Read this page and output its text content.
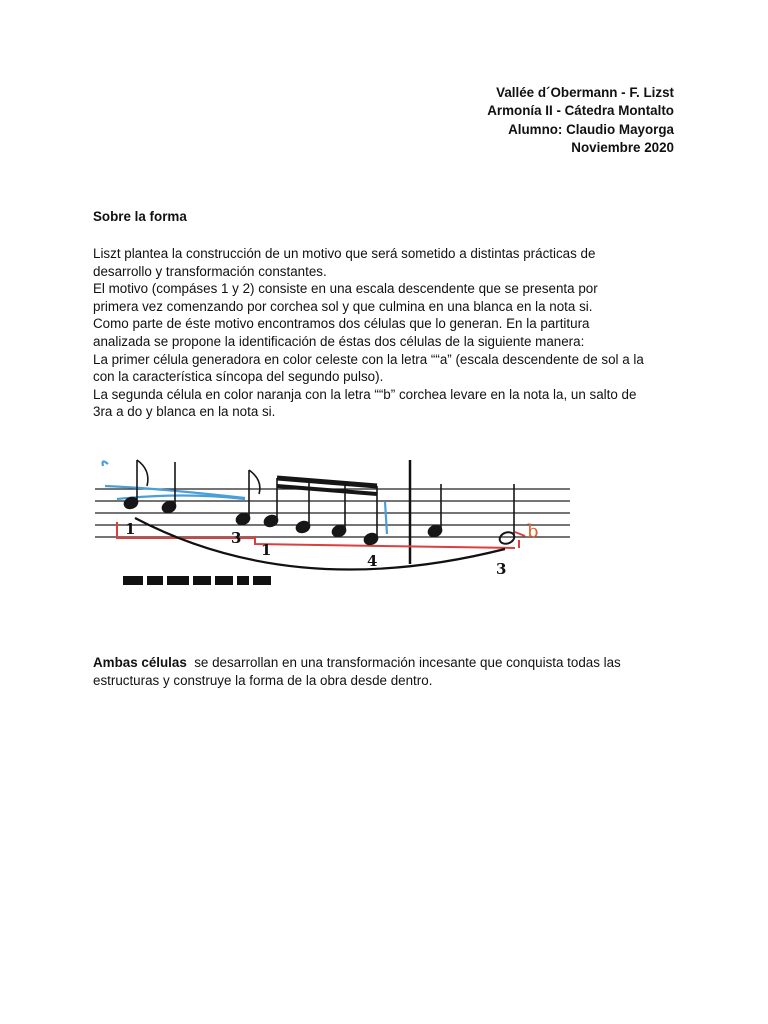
Vallée d´Obermann - F. Lizst
Armonía II - Cátedra Montalto
Alumno: Claudio Mayorga
Noviembre 2020
Sobre la forma
Liszt plantea la construcción de un motivo que será sometido a distintas prácticas de
desarrollo y transformación constantes.
El motivo (compáses 1 y 2) consiste en una escala descendente que se presenta por
primera vez comenzando por corchea sol y que culmina en una blanca en la nota si.
Como parte de éste motivo encontramos dos células que lo generan. En la partitura
analizada se propone la identificación de éstas dos células de la siguiente manera:
La primer célula generadora en color celeste con la letra ““a” (escala descendente de sol a la
con la característica síncopa del segundo pulso).
La segunda célula en color naranja con la letra ““b” corchea levare en la nota la, un salto de
3ra a do y blanca en la nota si.
b
1	3
1
4	3
Ambas células  se desarrollan en una transformación incesante que conquista todas las
estructuras y construye la forma de la obra desde dentro.
